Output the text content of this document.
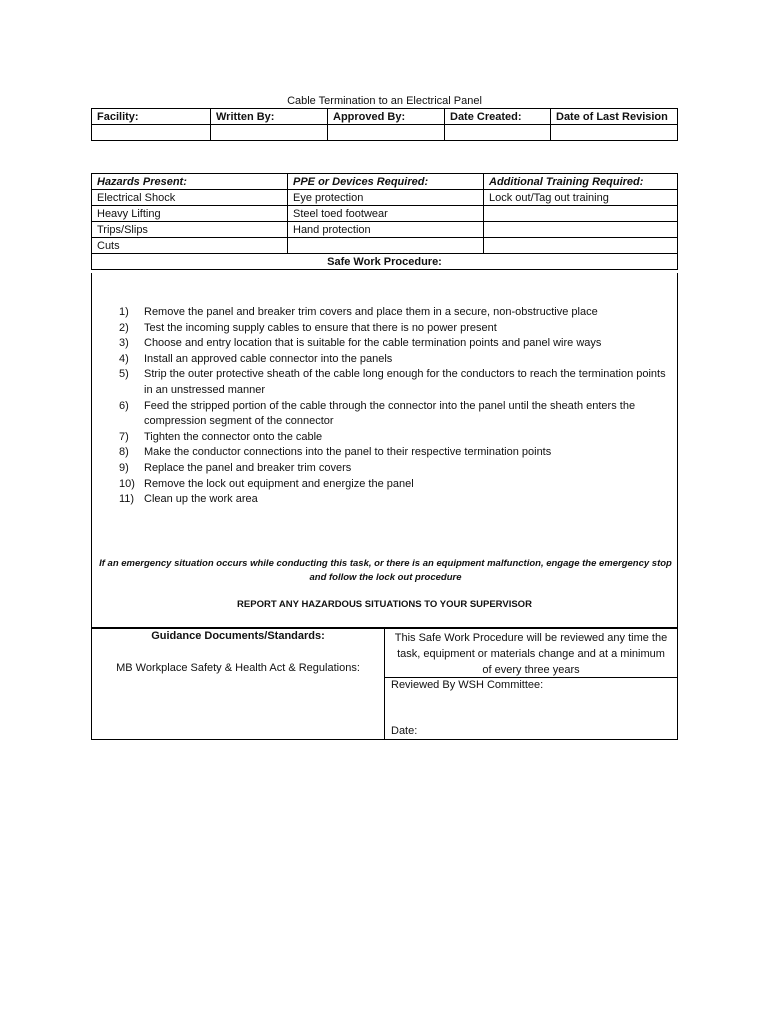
Cable Termination to an Electrical Panel
Facility:	Written By:	Approved By:	Date Created:	Date of Last Revision

Hazards Present:	PPE or Devices Required:	Additional Training Required:
Electrical Shock	Eye protection	Lock out/Tag out training
Heavy Lifting	Steel toed footwear	
Trips/Slips	Hand protection	
Cuts		
Safe Work Procedure:		
1)	Remove the panel and breaker trim covers and place them in a secure, non-obstructive place
2)	Test the incoming supply cables to ensure that there is no power present
3)	Choose and entry location that is suitable for the cable termination points and panel wire ways
4)	Install an approved cable connector into the panels
5)	Strip the outer protective sheath of the cable long enough for the conductors to reach the termination points in an unstressed manner
6)	Feed the stripped portion of the cable through the connector into the panel until the sheath enters the compression segment of the connector
7)	Tighten the connector onto the cable
8)	Make the conductor connections into the panel to their respective termination points
9)	Replace the panel and breaker trim covers
10) Remove the lock out equipment and energize the panel
11) Clean up the work area
If an emergency situation occurs while conducting this task, or there is an equipment malfunction, engage the emergency stop and follow the lock out procedure
REPORT ANY HAZARDOUS SITUATIONS TO YOUR SUPERVISOR
Guidance Documents/Standards:
MB Workplace Safety & Health Act & Regulations:
This Safe Work Procedure will be reviewed any time the task, equipment or materials change and at a minimum of every three years
Reviewed By WSH Committee:
Date:
